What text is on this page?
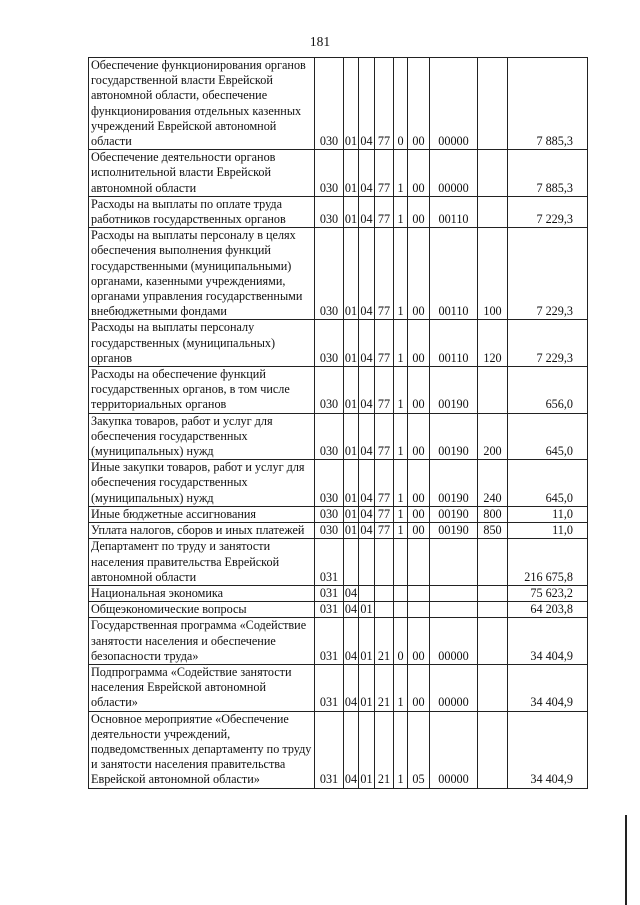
181
Обеспечение функционирования органов государственной власти Еврейской автономной области, обеспечение функционирования отдельных казенных учреждений Еврейской автономной области	030	01	04	77	0	00	00000		7 885,3
Обеспечение деятельности органов исполнительной власти Еврейской автономной области	030	01	04	77	1	00	00000		7 885,3
Расходы на выплаты по оплате труда работников государственных органов	030	01	04	77	1	00	00110		7 229,3
Расходы на выплаты персоналу в целях обеспечения выполнения функций государственными (муниципальными) органами, казенными учреждениями, органами управления государственными внебюджетными фондами	030	01	04	77	1	00	00110	100	7 229,3
Расходы на выплаты персоналу государственных (муниципальных) органов	030	01	04	77	1	00	00110	120	7 229,3
Расходы на обеспечение функций государственных органов, в том числе территориальных органов	030	01	04	77	1	00	00190		656,0
Закупка товаров, работ и услуг для обеспечения государственных (муниципальных) нужд	030	01	04	77	1	00	00190	200	645,0
Иные закупки товаров, работ и услуг для обеспечения государственных (муниципальных) нужд	030	01	04	77	1	00	00190	240	645,0
Иные бюджетные ассигнования	030	01	04	77	1	00	00190	800	11,0
Уплата налогов, сборов и иных платежей	030	01	04	77	1	00	00190	850	11,0
Департамент по труду и занятости населения правительства Еврейской автономной области	031								216 675,8
Национальная экономика	031	04							75 623,2
Общеэкономические вопросы	031	04	01						64 203,8
Государственная программа «Содействие занятости населения и обеспечение безопасности труда»	031	04	01	21	0	00	00000		34 404,9
Подпрограмма «Содействие занятости населения Еврейской автономной области»	031	04	01	21	1	00	00000		34 404,9
Основное мероприятие «Обеспечение деятельности учреждений, подведомственных департаменту по труду и занятости населения правительства Еврейской автономной области»	031	04	01	21	1	05	00000		34 404,9
